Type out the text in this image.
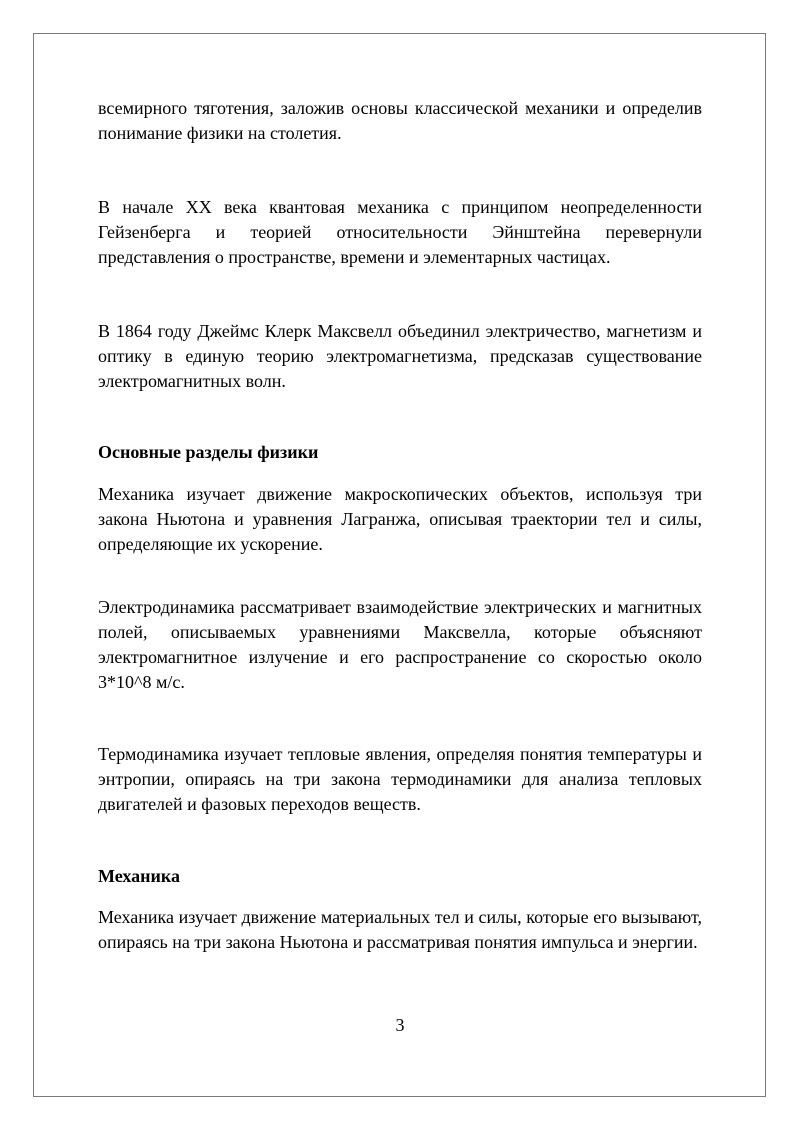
всемирного тяготения, заложив основы классической механики и определив понимание физики на столетия.

В начале XX века квантовая механика с принципом неопределенности Гейзенберга и теорией относительности Эйнштейна перевернули представления о пространстве, времени и элементарных частицах.

В 1864 году Джеймс Клерк Максвелл объединил электричество, магнетизм и оптику в единую теорию электромагнетизма, предсказав существование электромагнитных волн.

Основные разделы физики

Механика изучает движение макроскопических объектов, используя три закона Ньютона и уравнения Лагранжа, описывая траектории тел и силы, определяющие их ускорение.

Электродинамика рассматривает взаимодействие электрических и магнитных полей, описываемых уравнениями Максвелла, которые объясняют электромагнитное излучение и его распространение со скоростью около 3*10^8 м/с.

Термодинамика изучает тепловые явления, определяя понятия температуры и энтропии, опираясь на три закона термодинамики для анализа тепловых двигателей и фазовых переходов веществ.

Механика

Механика изучает движение материальных тел и силы, которые его вызывают, опираясь на три закона Ньютона и рассматривая понятия импульса и энергии.

3
